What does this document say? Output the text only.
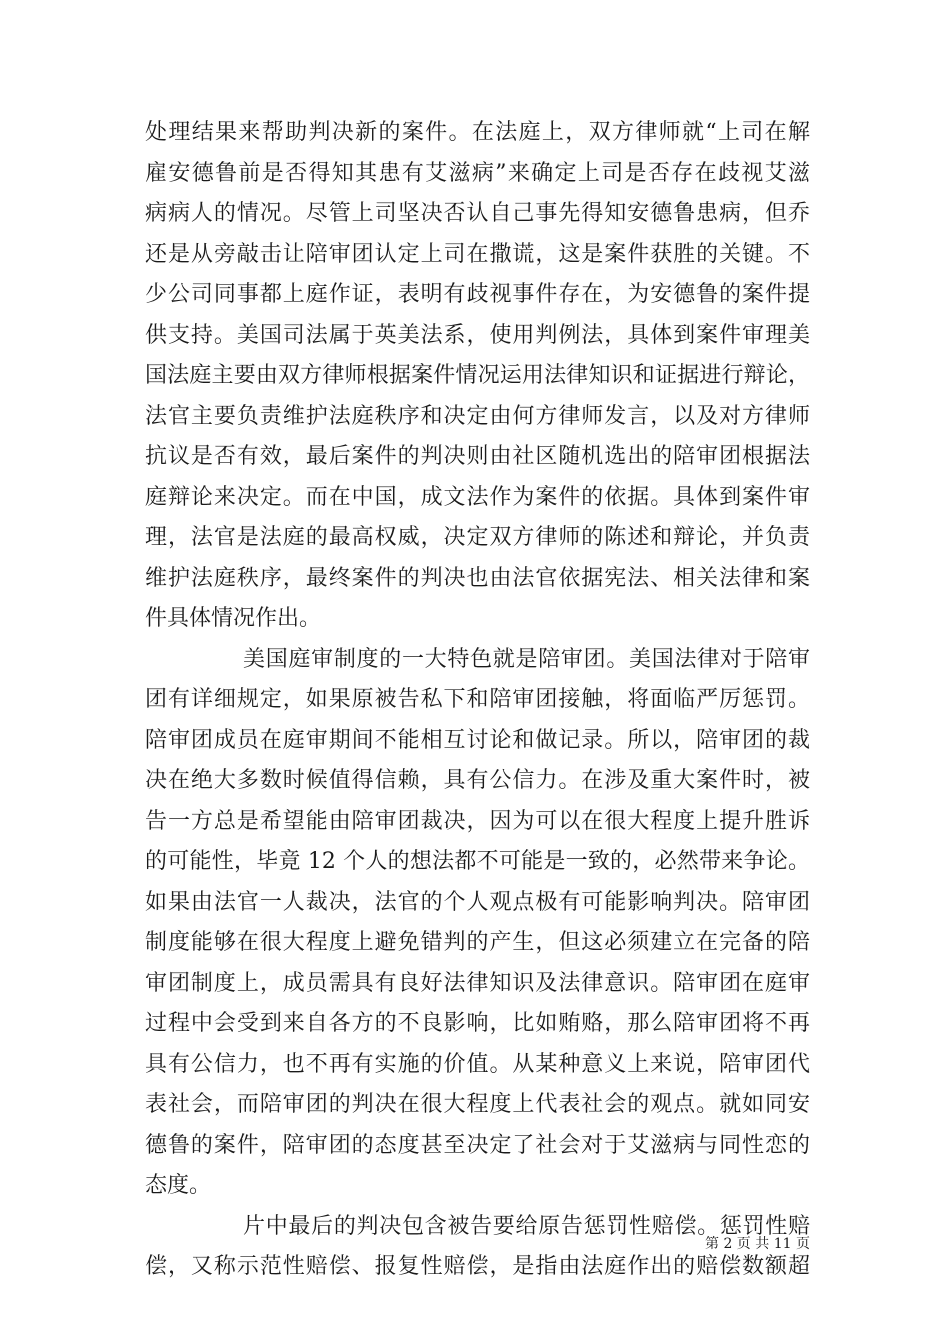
处理结果来帮助判决新的案件。在法庭上，双方律师就“上司在解
雇安德鲁前是否得知其患有艾滋病”来确定上司是否存在歧视艾滋
病病人的情况。尽管上司坚决否认自己事先得知安德鲁患病，但乔
还是从旁敲击让陪审团认定上司在撒谎，这是案件获胜的关键。不
少公司同事都上庭作证，表明有歧视事件存在，为安德鲁的案件提
供支持。美国司法属于英美法系，使用判例法，具体到案件审理美
国法庭主要由双方律师根据案件情况运用法律知识和证据进行辩论，
法官主要负责维护法庭秩序和决定由何方律师发言，以及对方律师
抗议是否有效，最后案件的判决则由社区随机选出的陪审团根据法
庭辩论来决定。而在中国，成文法作为案件的依据。具体到案件审
理，法官是法庭的最高权威，决定双方律师的陈述和辩论，并负责
维护法庭秩序，最终案件的判决也由法官依据宪法、相关法律和案
件具体情况作出。
美国庭审制度的一大特色就是陪审团。美国法律对于陪审
团有详细规定，如果原被告私下和陪审团接触，将面临严厉惩罚。
陪审团成员在庭审期间不能相互讨论和做记录。所以，陪审团的裁
决在绝大多数时候值得信赖，具有公信力。在涉及重大案件时，被
告一方总是希望能由陪审团裁决，因为可以在很大程度上提升胜诉
的可能性，毕竟 12 个人的想法都不可能是一致的，必然带来争论。
如果由法官一人裁决，法官的个人观点极有可能影响判决。陪审团
制度能够在很大程度上避免错判的产生，但这必须建立在完备的陪
审团制度上，成员需具有良好法律知识及法律意识。陪审团在庭审
过程中会受到来自各方的不良影响，比如贿赂，那么陪审团将不再
具有公信力，也不再有实施的价值。从某种意义上来说，陪审团代
表社会，而陪审团的判决在很大程度上代表社会的观点。就如同安
德鲁的案件，陪审团的态度甚至决定了社会对于艾滋病与同性恋的
态度。
片中最后的判决包含被告要给原告惩罚性赔偿。惩罚性赔
偿，又称示范性赔偿、报复性赔偿，是指由法庭作出的赔偿数额超
第 2 页 共 11 页
